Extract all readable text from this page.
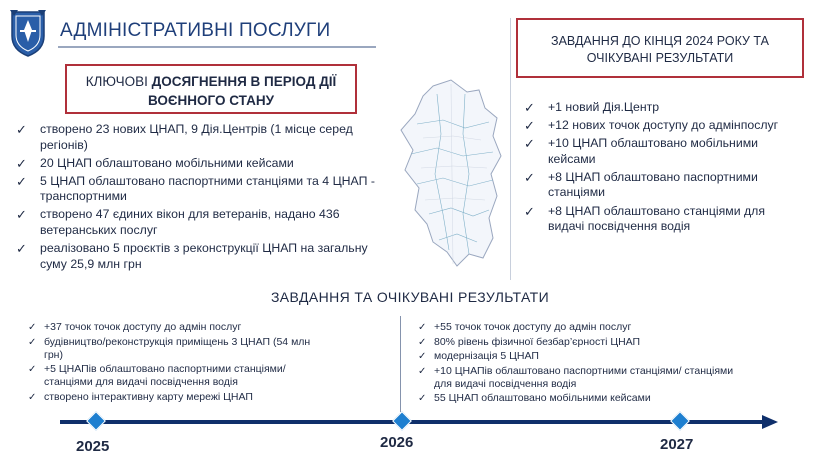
АДМІНІСТРАТИВНІ ПОСЛУГИ
КЛЮЧОВІ ДОСЯГНЕННЯ В ПЕРІОД ДІЇ
ВОЄННОГО СТАНУ
✓ створено 23 нових ЦНАП, 9 Дія.Центрів (1 місце серед регіонів)
✓ 20 ЦНАП облаштовано мобільними кейсами
✓ 5 ЦНАП облаштовано паспортними станціями та 4 ЦНАП - транспортними
✓ створено 47 єдиних вікон для ветеранів, надано 436 ветеранських послуг
✓ реалізовано 5 проєктів з реконструкції ЦНАП на загальну суму 25,9 млн грн
ЗАВДАННЯ ДО КІНЦЯ 2024 РОКУ ТА ОЧІКУВАНІ РЕЗУЛЬТАТИ
✓ +1 новий Дія.Центр
✓ +12 нових точок доступу до адмінпослуг
✓ +10 ЦНАП облаштовано мобільними кейсами
✓ +8 ЦНАП облаштовано паспортними станціями
✓ +8 ЦНАП облаштовано станціями для видачі посвідчення водія
ЗАВДАННЯ ТА ОЧІКУВАНІ РЕЗУЛЬТАТИ
✓ +37 точок точок доступу до адмін послуг
✓ будівництво/реконструкція приміщень 3 ЦНАП (54 млн грн)
✓ +5 ЦНАПів облаштовано паспортними станціями/ станціями для видачі посвідчення водія
✓ створено інтерактивну карту мережі ЦНАП
✓ +55 точок точок доступу до адмін послуг
✓ 80% рівень фізичної безбар’єрності ЦНАП
✓ модернізація 5 ЦНАП
✓ +10 ЦНАПів облаштовано паспортними станціями/ станціями для видачі посвідчення водія
✓ 55 ЦНАП облаштовано мобільними кейсами
2025	2026	2027
